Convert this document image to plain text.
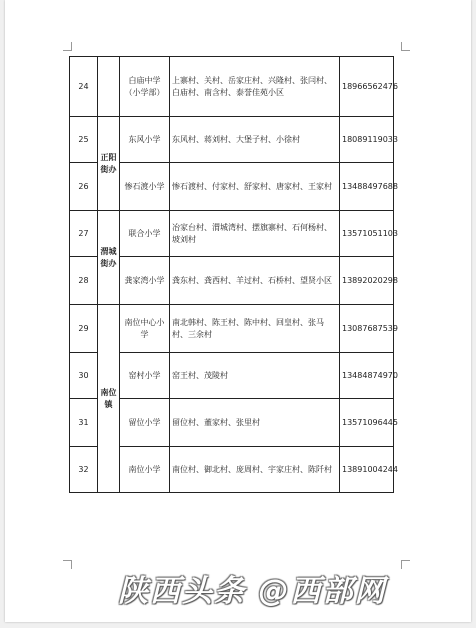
24		白庙中学（小学部）	上寨村、关村、岳家庄村、兴隆村、张闫村、白庙村、南含村、泰誉佳苑小区	18966562476
25	正阳街办	东风小学	东风村、蒋刘村、大堡子村、小徐村	18089119033
26		惨石渡小学	惨石渡村、付家村、舒家村、唐家村、王家村	13488497688
27	渭城街办	联合小学	冶家台村、渭城湾村、摆旗寨村、石何杨村、坡刘村	13571051103
28		龚家湾小学	龚东村、龚西村、羊过村、石桥村、望贤小区	13892020298
29	南位镇	南位中心小学	南北韩村、陈王村、陈中村、回皇村、张马村、三余村	13087687539
30		窑村小学	窑王村、茂陵村	13484874970
31		留位小学	留位村、董家村、张里村	13571096445
32		南位小学	南位村、御北村、庞周村、宇家庄村、陈阡村	13891004244
陕西头条 @西部网
